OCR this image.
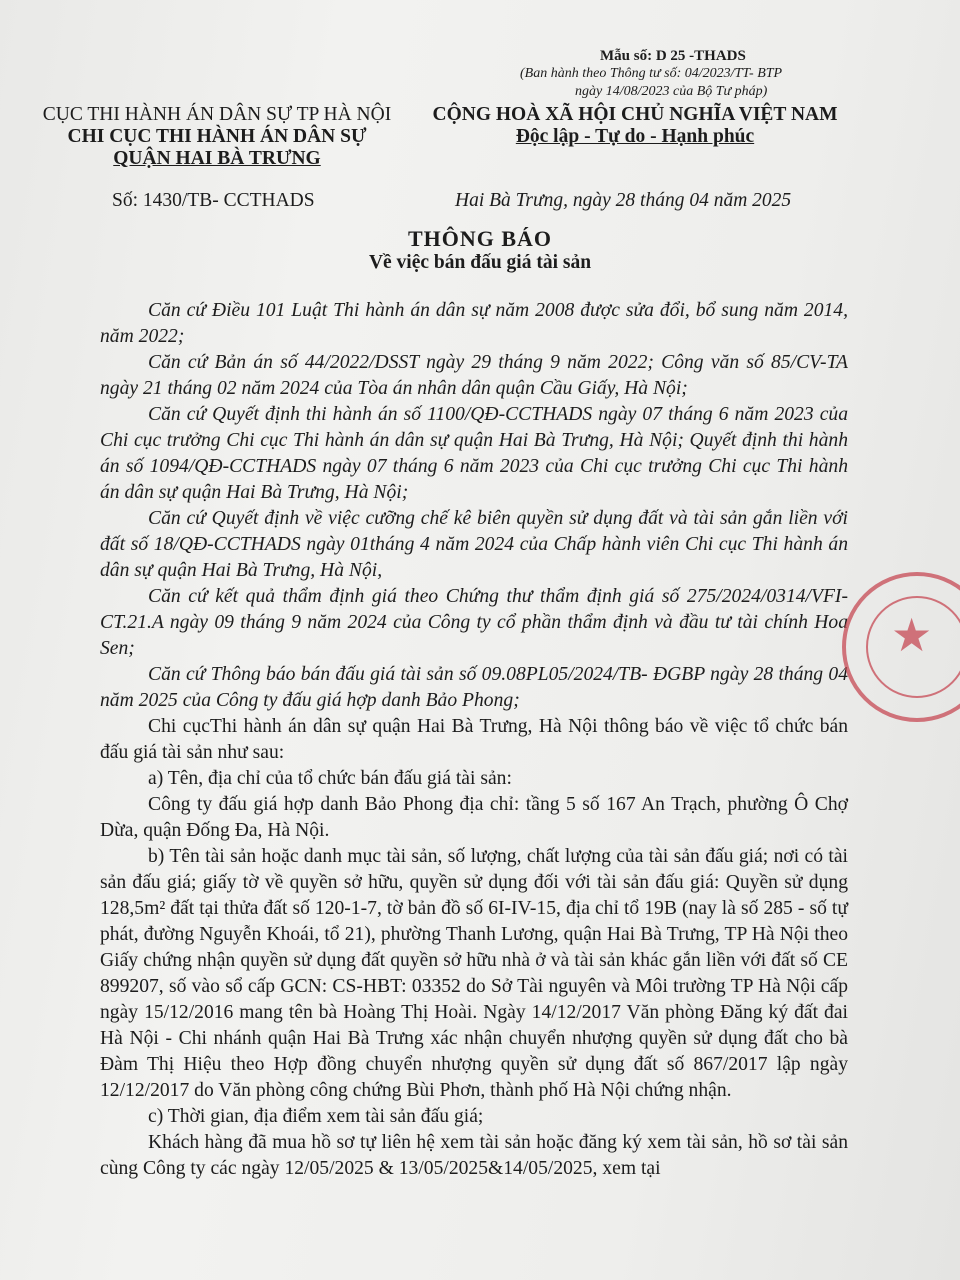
Mẫu số: D 25 -THADS
(Ban hành theo Thông tư số: 04/2023/TT- BTP
ngày 14/08/2023 của Bộ Tư pháp)
CỤC THI HÀNH ÁN DÂN SỰ TP HÀ NỘI
CHI CỤC THI HÀNH ÁN DÂN SỰ
QUẬN HAI BÀ TRƯNG
Số: 1430/TB- CCTHADS
CỘNG HOÀ XÃ HỘI CHỦ NGHĨA VIỆT NAM
Độc lập - Tự do - Hạnh phúc
Hai Bà Trưng, ngày 28 tháng 04 năm 2025
THÔNG BÁO
Về việc bán đấu giá tài sản

Căn cứ Điều 101 Luật Thi hành án dân sự năm 2008 được sửa đổi, bổ sung năm 2014, năm 2022;

Căn cứ Bản án số 44/2022/DSST ngày 29 tháng 9 năm 2022; Công văn số 85/CV-TA ngày 21 tháng 02 năm 2024 của Tòa án nhân dân quận Cầu Giấy, Hà Nội;

Căn cứ Quyết định thi hành án số 1100/QĐ-CCTHADS ngày 07 tháng 6 năm 2023 của Chi cục trưởng Chi cục Thi hành án dân sự quận Hai Bà Trưng, Hà Nội; Quyết định thi hành án số 1094/QĐ-CCTHADS ngày 07 tháng 6 năm 2023 của Chi cục trưởng Chi cục Thi hành án dân sự quận Hai Bà Trưng, Hà Nội;

Căn cứ Quyết định về việc cưỡng chế kê biên quyền sử dụng đất và tài sản gắn liền với đất số 18/QĐ-CCTHADS ngày 01tháng 4 năm 2024 của Chấp hành viên Chi cục Thi hành án dân sự quận Hai Bà Trưng, Hà Nội,

Căn cứ kết quả thẩm định giá theo Chứng thư thẩm định giá số 275/2024/0314/VFI- CT.21.A ngày 09 tháng 9 năm 2024 của Công ty cổ phần thẩm định và đầu tư tài chính Hoa Sen;

Căn cứ Thông báo bán đấu giá tài sản số 09.08PL05/2024/TB- ĐGBP ngày 28 tháng 04 năm 2025 của Công ty đấu giá hợp danh Bảo Phong;

Chi cụcThi hành án dân sự quận Hai Bà Trưng, Hà Nội thông báo về việc tổ chức bán đấu giá tài sản như sau:

a) Tên, địa chỉ của tổ chức bán đấu giá tài sản:

Công ty đấu giá hợp danh Bảo Phong địa chỉ: tầng 5 số 167 An Trạch, phường Ô Chợ Dừa, quận Đống Đa, Hà Nội.

b) Tên tài sản hoặc danh mục tài sản, số lượng, chất lượng của tài sản đấu giá; nơi có tài sản đấu giá; giấy tờ về quyền sở hữu, quyền sử dụng đối với tài sản đấu giá: Quyền sử dụng 128,5m² đất tại thửa đất số 120-1-7, tờ bản đồ số 6I-IV-15, địa chỉ tổ 19B (nay là số 285 - số tự phát, đường Nguyễn Khoái, tổ 21), phường Thanh Lương, quận Hai Bà Trưng, TP Hà Nội theo Giấy chứng nhận quyền sử dụng đất quyền sở hữu nhà ở và tài sản khác gắn liền với đất số CE 899207, số vào sổ cấp GCN: CS-HBT: 03352 do Sở Tài nguyên và Môi trường TP Hà Nội cấp ngày 15/12/2016 mang tên bà Hoàng Thị Hoài. Ngày 14/12/2017 Văn phòng Đăng ký đất đai Hà Nội - Chi nhánh quận Hai Bà Trưng xác nhận chuyển nhượng quyền sử dụng đất cho bà Đàm Thị Hiệu theo Hợp đồng chuyển nhượng quyền sử dụng đất số 867/2017 lập ngày 12/12/2017 do Văn phòng công chứng Bùi Phơn, thành phố Hà Nội chứng nhận.

c) Thời gian, địa điểm xem tài sản đấu giá;

Khách hàng đã mua hồ sơ tự liên hệ xem tài sản hoặc đăng ký xem tài sản, hồ sơ tài sản cùng Công ty các ngày 12/05/2025 & 13/05/2025&14/05/2025, xem tại

★
